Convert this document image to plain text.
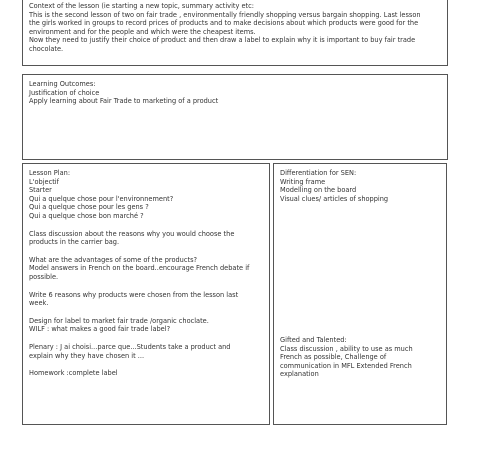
Context of the lesson (ie starting a new topic, summary activity etc:

This is the second lesson of two on fair trade , environmentally friendly shopping versus bargain shopping. Last lesson

the girls worked in groups to record prices of products and to make decisions about which products were good for the

environment and for the people and which were the cheapest items.

Now they need to justify their choice of product and then draw a label to explain why it is important to buy fair trade

chocolate.

Learning Outcomes:

Justification of choice

Apply learning about Fair Trade to marketing of a product

Lesson Plan:

L'objectif

Starter

Qui a quelque chose pour l'environnement?

Qui a quelque chose pour les gens ?

Qui a quelque chose bon marché ?

Class discussion about the reasons why you would choose the

products in the carrier bag.

What are the advantages of some of the products?

Model answers in French on the board..encourage French debate if

possible.

Write 6 reasons why products were chosen from the lesson last

week.

Design for label to market fair trade /organic choclate.

WILF : what makes a good fair trade label?

Plenary : J ai choisi...parce que...Students take a product and

explain why they have chosen it ...

Homework :complete label

Differentiation for SEN:

Writing frame

Modelling on the board

Visual clues/ articles of shopping

Gifted and Talented:

Class discussion , ability to use as much

French as possible, Challenge of

communication in MFL Extended French

explanation
